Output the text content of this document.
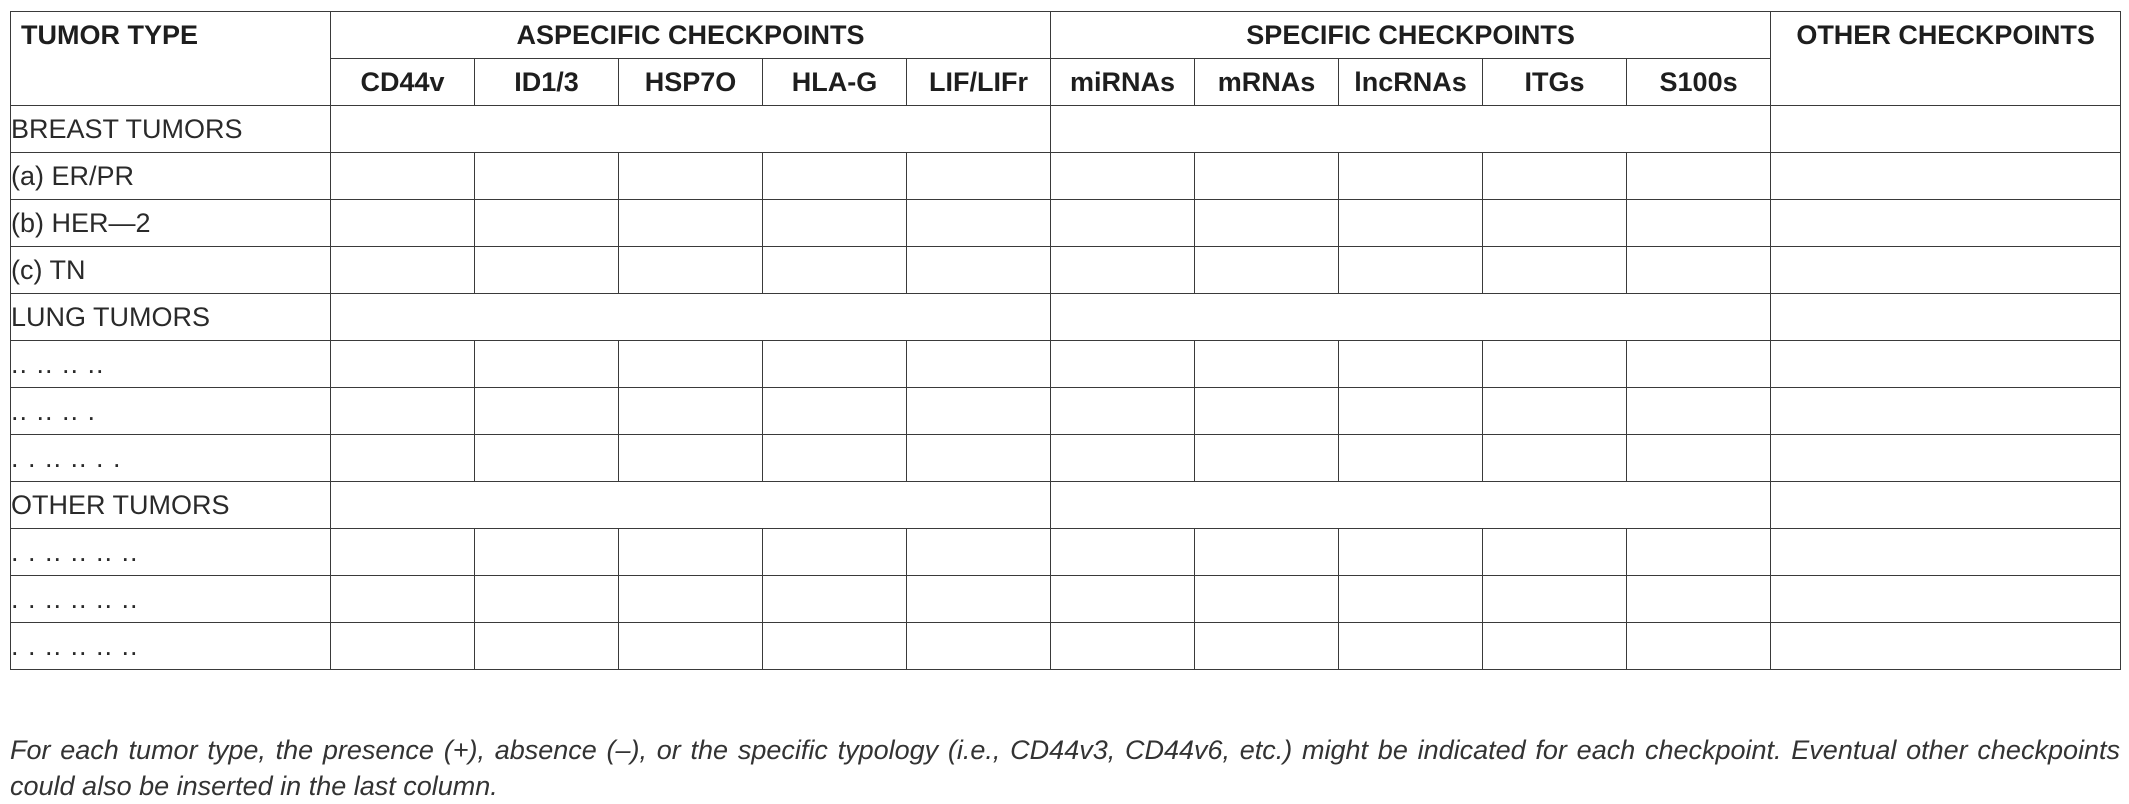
TUMOR TYPE	ASPECIFIC CHECKPOINTS					SPECIFIC CHECKPOINTS					OTHER CHECKPOINTS
	CD44v	ID1/3	HSP7O	HLA-G	LIF/LIFr	miRNAs	mRNAs	lncRNAs	ITGs	S100s	
BREAST TUMORS											
(a) ER/PR											
(b) HER—2											
(c) TN											
LUNG TUMORS											
.. .. .. ..											
.. .. .. .											
. . .. .. . .											
OTHER TUMORS											
. . .. .. .. ..											
. . .. .. .. ..											
. . .. .. .. ..											

For each tumor type, the presence (+), absence (–), or the specific typology (i.e., CD44v3, CD44v6, etc.) might be indicated for each checkpoint. Eventual other checkpoints could also be inserted in the last column.
